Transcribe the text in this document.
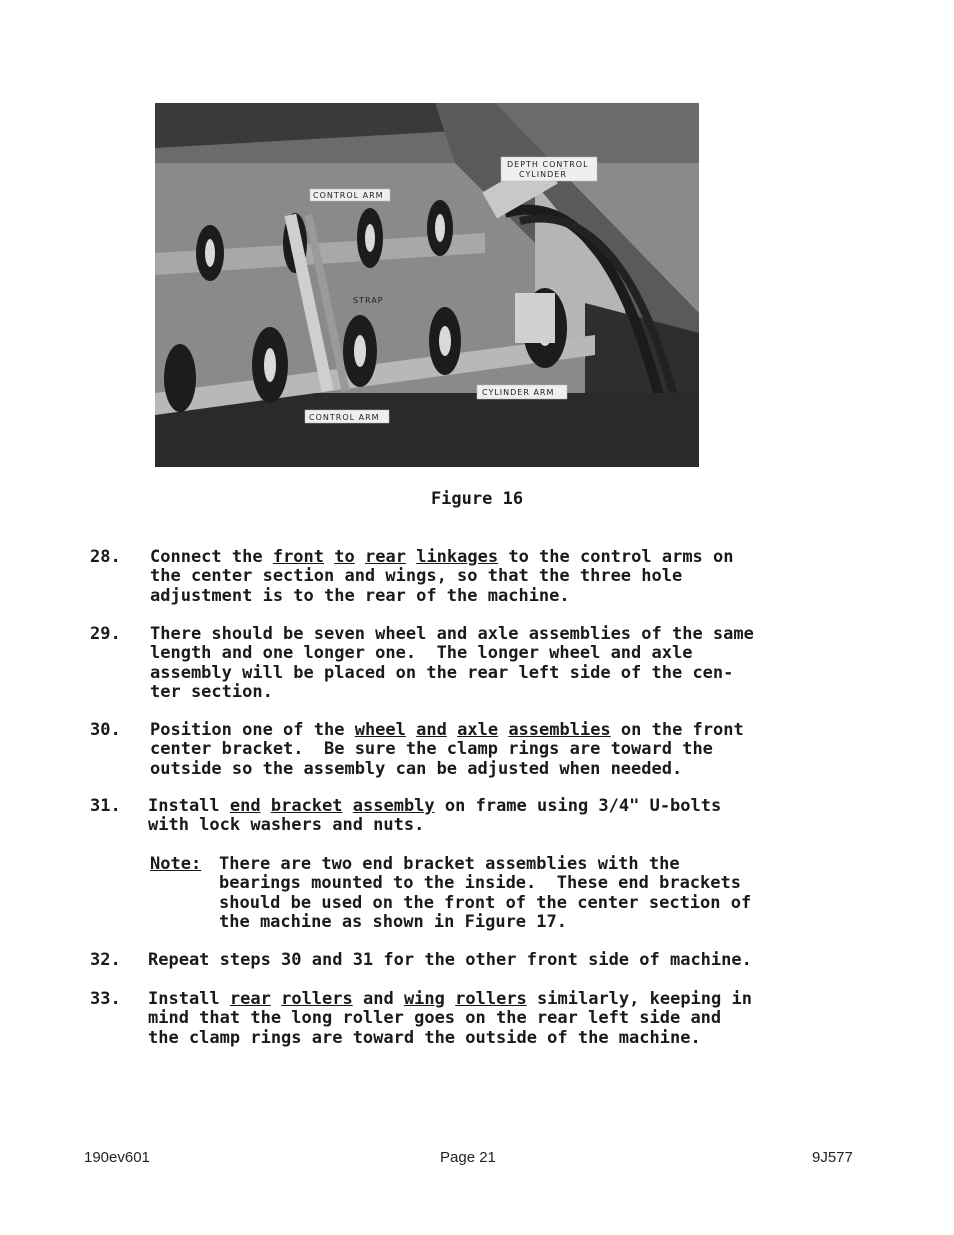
DEPTH CONTROL
CYLINDER
CONTROL ARM
STRAP
CYLINDER ARM
CONTROL ARM
Figure 16
28. Connect the front to rear linkages to the control arms on
the center section and wings, so that the three hole
adjustment is to the rear of the machine.
29. There should be seven wheel and axle assemblies of the same
length and one longer one.  The longer wheel and axle
assembly will be placed on the rear left side of the cen-
ter section.
30. Position one of the wheel and axle assemblies on the front
center bracket.  Be sure the clamp rings are toward the
outside so the assembly can be adjusted when needed.
31. Install end bracket assembly on frame using 3/4" U-bolts
with lock washers and nuts.
Note: There are two end bracket assemblies with the
bearings mounted to the inside.  These end brackets
should be used on the front of the center section of
the machine as shown in Figure 17.
32. Repeat steps 30 and 31 for the other front side of machine.
33. Install rear rollers and wing rollers similarly, keeping in
mind that the long roller goes on the rear left side and
the clamp rings are toward the outside of the machine.
190ev601	Page 21	9J577
